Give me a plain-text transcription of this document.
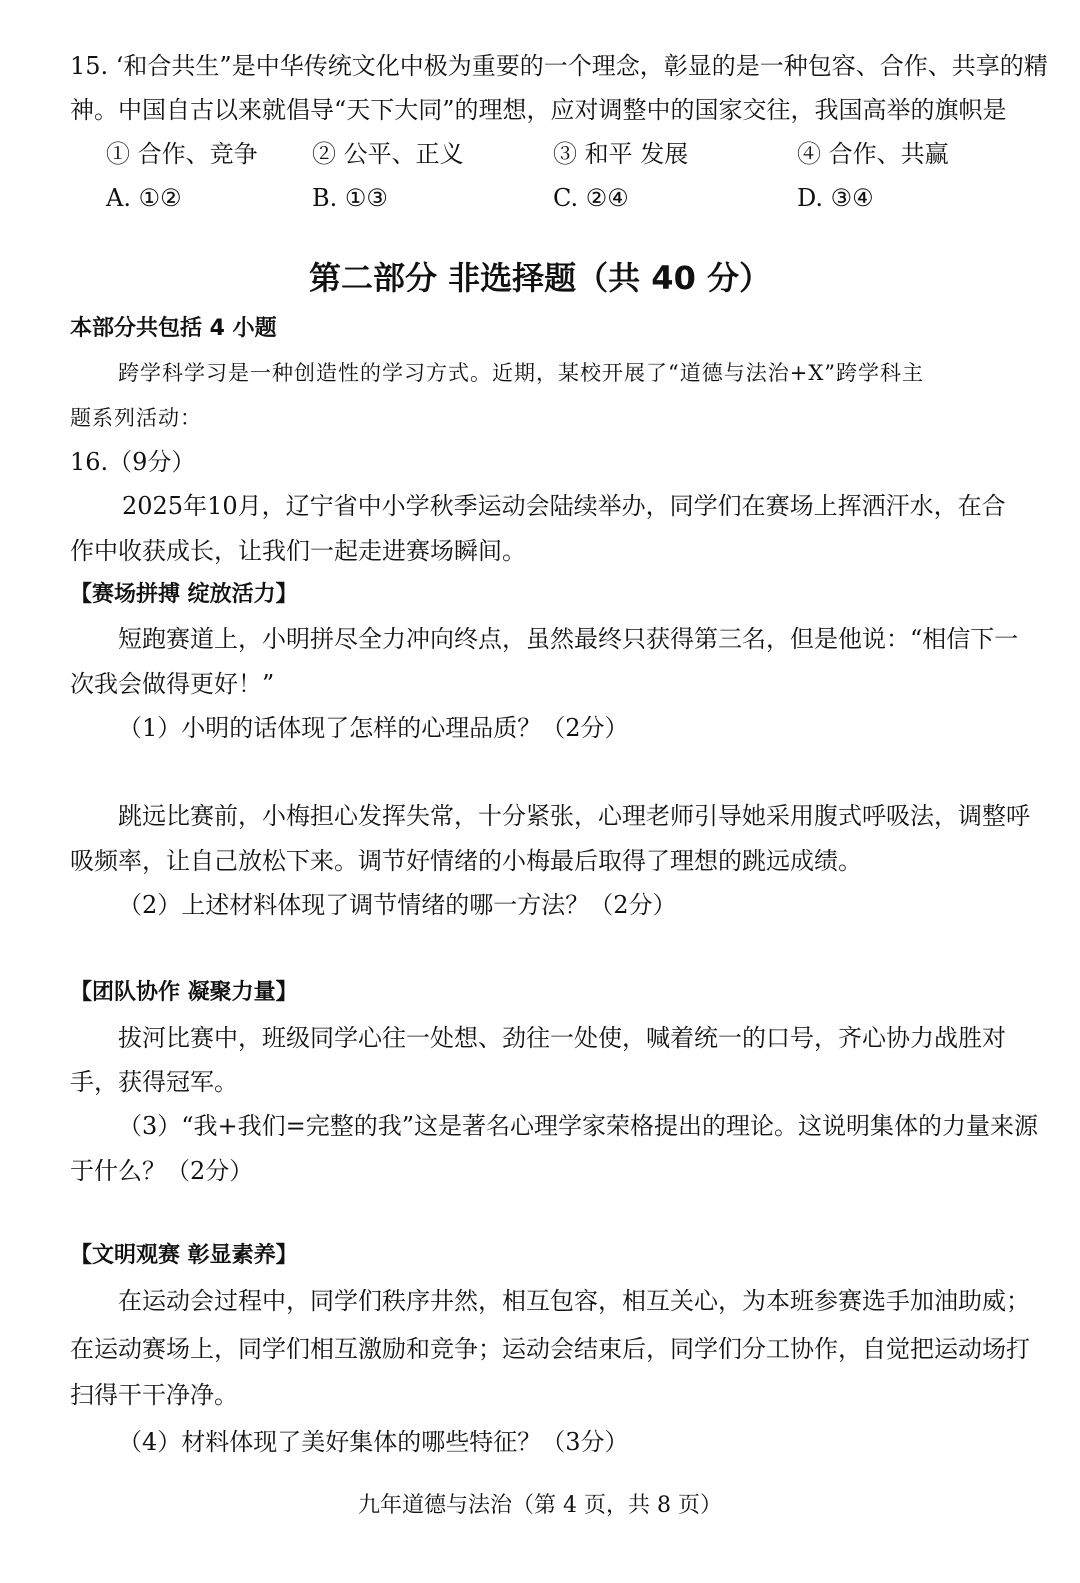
15. ‘和合共生”是中华传统文化中极为重要的一个理念，彰显的是一种包容、合作、共享的精
神。中国自古以来就倡导“天下大同”的理想，应对调整中的国家交往，我国高举的旗帜是
① 合作、竞争 ② 公平、正义	③ 和平 发展	④ 合作、共赢
A. ①②	B. ①③	C. ②④	D. ③④
第二部分 非选择题（共 40 分）
本部分共包括 4 小题
跨学科学习是一种创造性的学习方式。近期，某校开展了“道德与法治+X”跨学科主
题系列活动：
16.（9分）
2025年10月，辽宁省中小学秋季运动会陆续举办，同学们在赛场上挥洒汗水，在合
作中收获成长，让我们一起走进赛场瞬间。
【赛场拼搏 绽放活力】
短跑赛道上，小明拼尽全力冲向终点，虽然最终只获得第三名，但是他说：“相信下一
次我会做得更好！”
（1）小明的话体现了怎样的心理品质？（2分）
跳远比赛前，小梅担心发挥失常，十分紧张，心理老师引导她采用腹式呼吸法，调整呼
吸频率，让自己放松下来。调节好情绪的小梅最后取得了理想的跳远成绩。
（2）上述材料体现了调节情绪的哪一方法？（2分）
【团队协作 凝聚力量】
拔河比赛中，班级同学心往一处想、劲往一处使，喊着统一的口号，齐心协力战胜对
手，获得冠军。
（3）“我+我们=完整的我”这是著名心理学家荣格提出的理论。这说明集体的力量来源
于什么？（2分）
【文明观赛 彰显素养】
在运动会过程中，同学们秩序井然，相互包容，相互关心，为本班参赛选手加油助威；
在运动赛场上，同学们相互激励和竞争；运动会结束后，同学们分工协作，自觉把运动场打
扫得干干净净。
（4）材料体现了美好集体的哪些特征？（3分）
九年道德与法治（第 4 页，共 8 页）
